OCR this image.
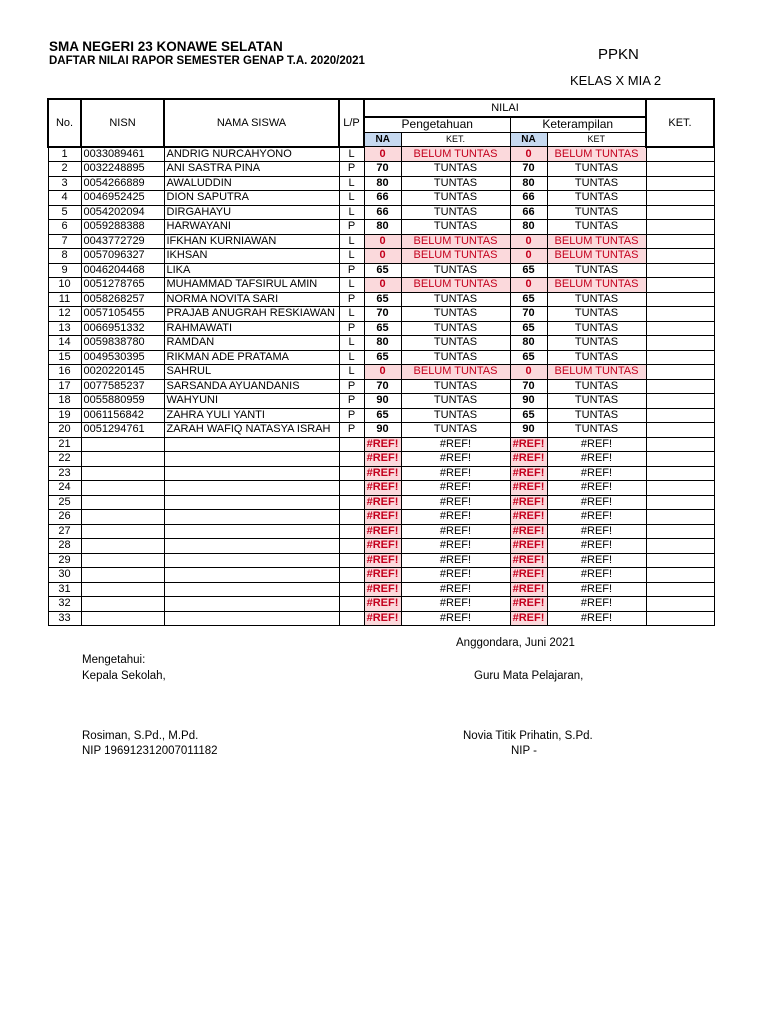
SMA NEGERI 23 KONAWE SELATAN
DAFTAR NILAI RAPOR SEMESTER GENAP T.A. 2020/2021	PPKN
KELAS X MIA 2
No.	NISN	NAMA SISWA	L/P	NILAI				KET.
				Pengetahuan		Keterampilan		
				NA	KET.	NA	KET	
1	0033089461	ANDRIG NURCAHYONO	L	0	BELUM TUNTAS	0	BELUM TUNTAS	
2	0032248895	ANI SASTRA PINA	P	70	TUNTAS	70	TUNTAS	
3	0054266889	AWALUDDIN	L	80	TUNTAS	80	TUNTAS	
4	0046952425	DION SAPUTRA	L	66	TUNTAS	66	TUNTAS	
5	0054202094	DIRGAHAYU	L	66	TUNTAS	66	TUNTAS	
6	0059288388	HARWAYANI	P	80	TUNTAS	80	TUNTAS	
7	0043772729	IFKHAN KURNIAWAN	L	0	BELUM TUNTAS	0	BELUM TUNTAS	
8	0057096327	IKHSAN	L	0	BELUM TUNTAS	0	BELUM TUNTAS	
9	0046204468	LIKA	P	65	TUNTAS	65	TUNTAS	
10	0051278765	MUHAMMAD TAFSIRUL AMIN	L	0	BELUM TUNTAS	0	BELUM TUNTAS	
11	0058268257	NORMA NOVITA SARI	P	65	TUNTAS	65	TUNTAS	
12	0057105455	PRAJAB ANUGRAH RESKIAWAN	L	70	TUNTAS	70	TUNTAS	
13	0066951332	RAHMAWATI	P	65	TUNTAS	65	TUNTAS	
14	0059838780	RAMDAN	L	80	TUNTAS	80	TUNTAS	
15	0049530395	RIKMAN ADE PRATAMA	L	65	TUNTAS	65	TUNTAS	
16	0020220145	SAHRUL	L	0	BELUM TUNTAS	0	BELUM TUNTAS	
17	0077585237	SARSANDA AYUANDANIS	P	70	TUNTAS	70	TUNTAS	
18	0055880959	WAHYUNI	P	90	TUNTAS	90	TUNTAS	
19	0061156842	ZAHRA YULI YANTI	P	65	TUNTAS	65	TUNTAS	
20	0051294761	ZARAH WAFIQ NATASYA ISRAH	P	90	TUNTAS	90	TUNTAS	
21				#REF!	#REF!	#REF!	#REF!	
22				#REF!	#REF!	#REF!	#REF!	
23				#REF!	#REF!	#REF!	#REF!	
24				#REF!	#REF!	#REF!	#REF!	
25				#REF!	#REF!	#REF!	#REF!	
26				#REF!	#REF!	#REF!	#REF!	
27				#REF!	#REF!	#REF!	#REF!	
28				#REF!	#REF!	#REF!	#REF!	
29				#REF!	#REF!	#REF!	#REF!	
30				#REF!	#REF!	#REF!	#REF!	
31				#REF!	#REF!	#REF!	#REF!	
32				#REF!	#REF!	#REF!	#REF!	
33				#REF!	#REF!	#REF!	#REF!	
Anggondara, Juni 2021
Mengetahui:
Kepala Sekolah,	Guru Mata Pelajaran,
Rosiman, S.Pd., M.Pd.
NIP 196912312007011182
Novia Titik Prihatin, S.Pd.
NIP -
